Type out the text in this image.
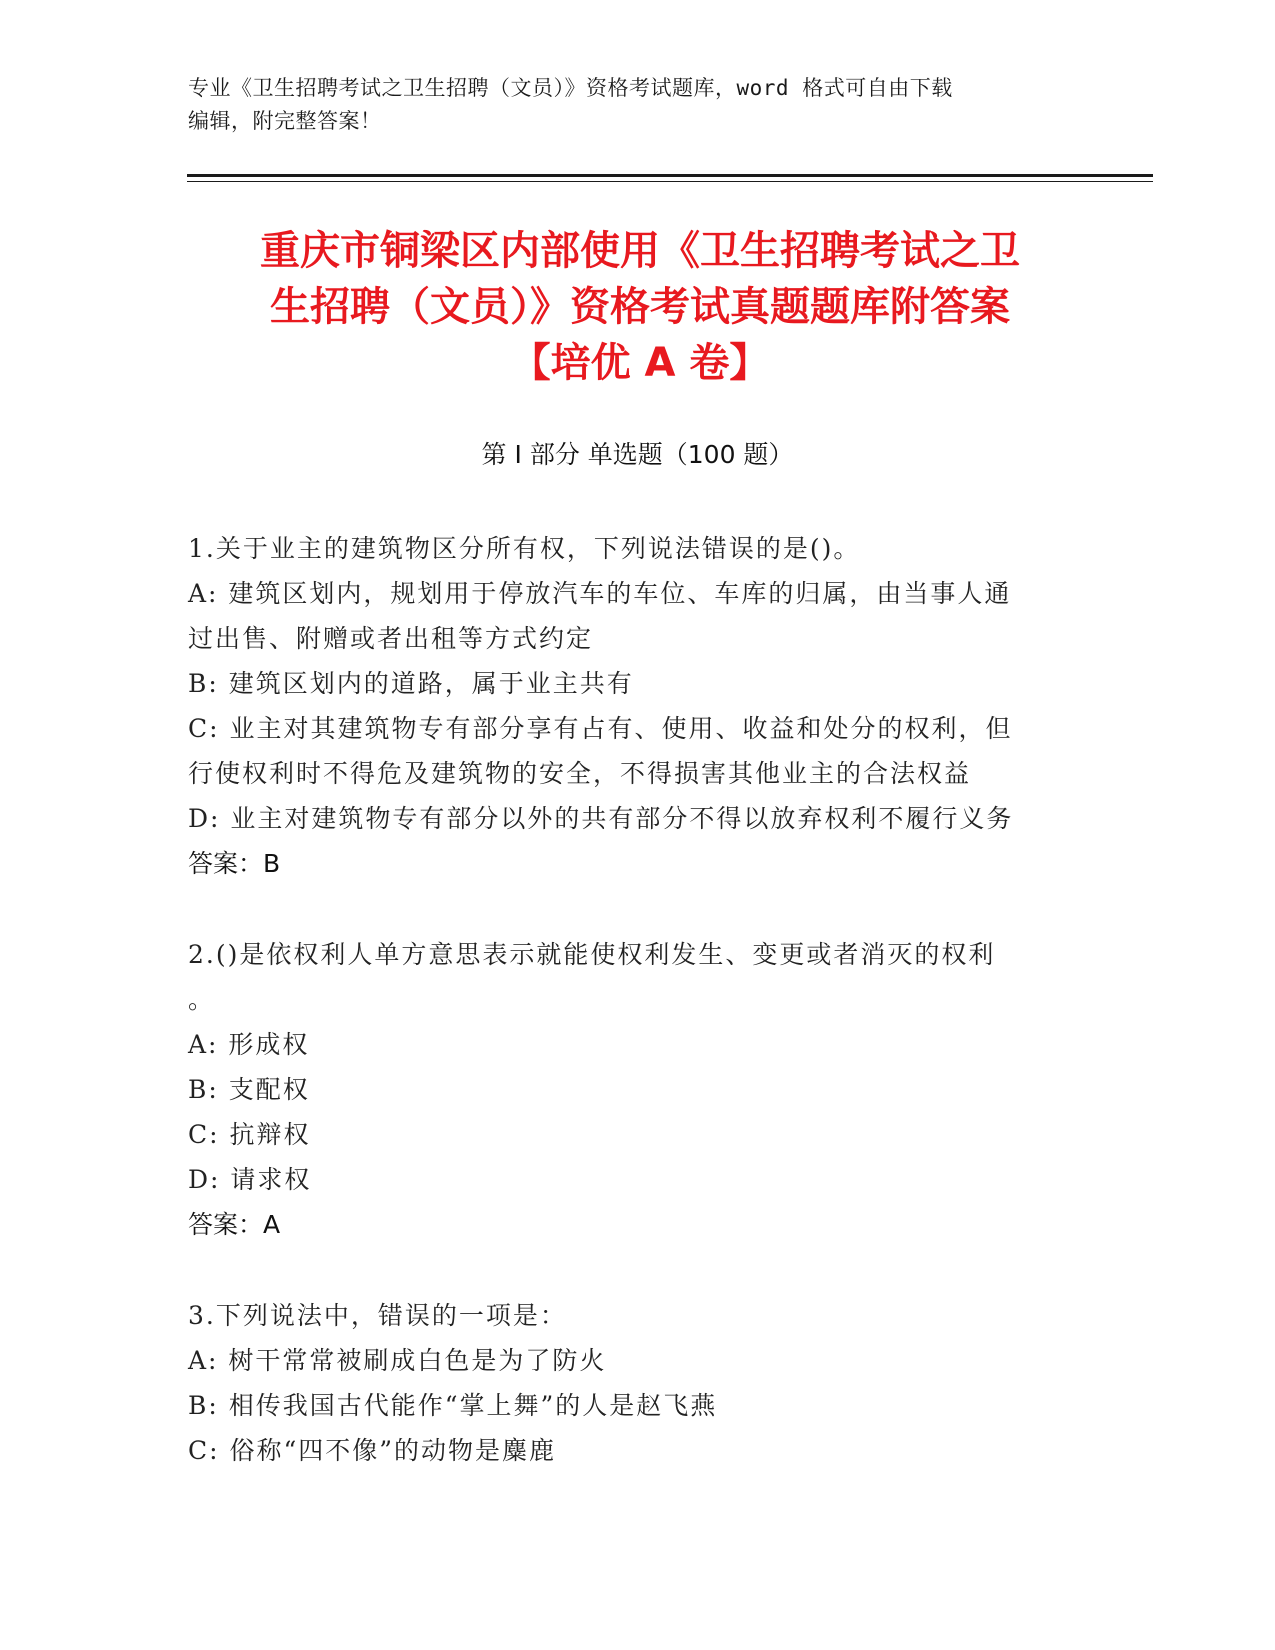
专业《卫生招聘考试之卫生招聘（文员）》资格考试题库，word 格式可自由下载
编辑，附完整答案！
重庆市铜梁区内部使用《卫生招聘考试之卫
生招聘（文员）》资格考试真题题库附答案
【培优 A 卷】
第 I 部分 单选题（100 题）
1.关于业主的建筑物区分所有权，下列说法错误的是()。
A: 建筑区划内，规划用于停放汽车的车位、车库的归属，由当事人通
过出售、附赠或者出租等方式约定
B: 建筑区划内的道路，属于业主共有
C: 业主对其建筑物专有部分享有占有、使用、收益和处分的权利，但
行使权利时不得危及建筑物的安全，不得损害其他业主的合法权益
D: 业主对建筑物专有部分以外的共有部分不得以放弃权利不履行义务
答案：B
2.()是依权利人单方意思表示就能使权利发生、变更或者消灭的权利
。
A: 形成权
B: 支配权
C: 抗辩权
D: 请求权
答案：A
3.下列说法中，错误的一项是：
A: 树干常常被刷成白色是为了防火
B: 相传我国古代能作“掌上舞”的人是赵飞燕
C: 俗称“四不像”的动物是麋鹿
